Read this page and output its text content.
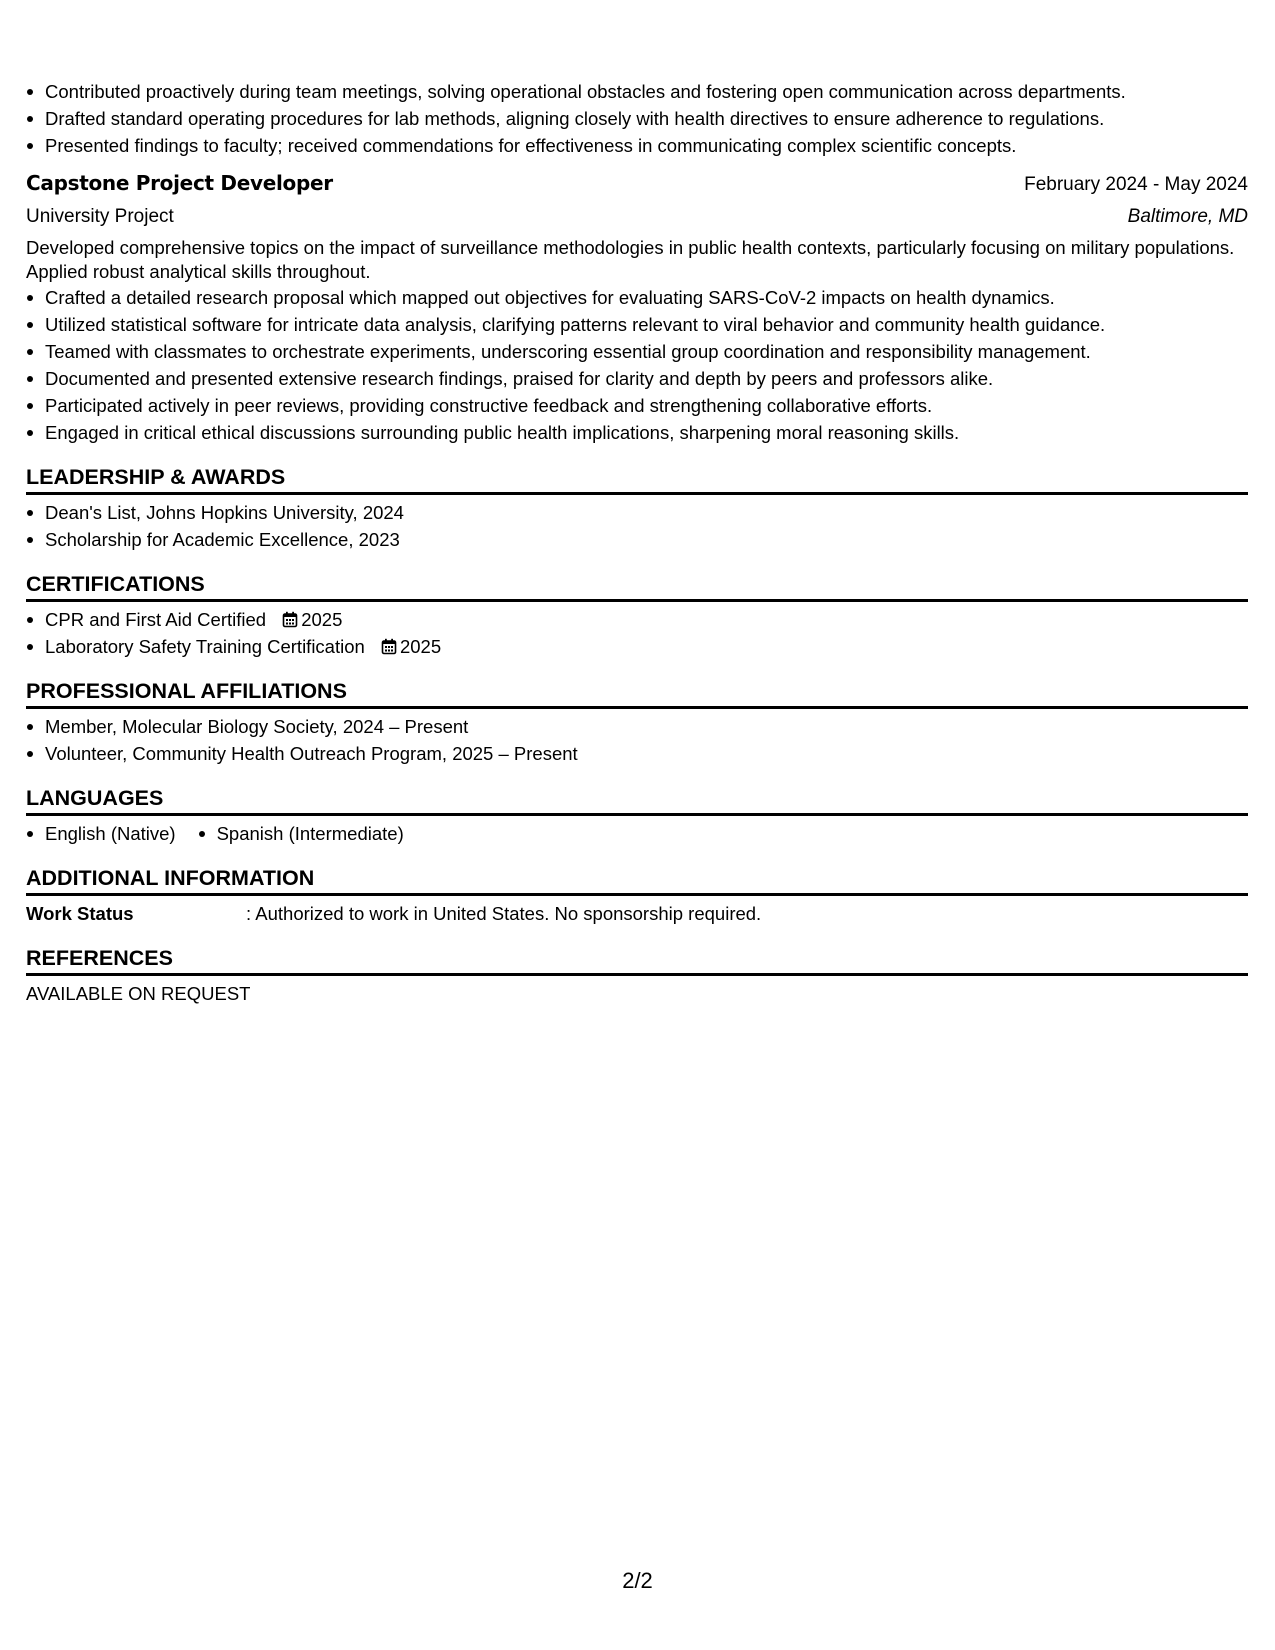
Contributed proactively during team meetings, solving operational obstacles and fostering open communication across departments.
Drafted standard operating procedures for lab methods, aligning closely with health directives to ensure adherence to regulations.
Presented findings to faculty; received commendations for effectiveness in communicating complex scientific concepts.
Capstone Project Developer	February 2024 - May 2024
University Project	Baltimore, MD
Developed comprehensive topics on the impact of surveillance methodologies in public health contexts, particularly focusing on military populations. Applied robust analytical skills throughout.
Crafted a detailed research proposal which mapped out objectives for evaluating SARS-CoV-2 impacts on health dynamics.
Utilized statistical software for intricate data analysis, clarifying patterns relevant to viral behavior and community health guidance.
Teamed with classmates to orchestrate experiments, underscoring essential group coordination and responsibility management.
Documented and presented extensive research findings, praised for clarity and depth by peers and professors alike.
Participated actively in peer reviews, providing constructive feedback and strengthening collaborative efforts.
Engaged in critical ethical discussions surrounding public health implications, sharpening moral reasoning skills.
LEADERSHIP & AWARDS
Dean's List, Johns Hopkins University, 2024
Scholarship for Academic Excellence, 2023
CERTIFICATIONS
CPR and First Aid Certified 2025
Laboratory Safety Training Certification 2025
PROFESSIONAL AFFILIATIONS
Member, Molecular Biology Society, 2024 – Present
Volunteer, Community Health Outreach Program, 2025 – Present
LANGUAGES
English (Native)	Spanish (Intermediate)
ADDITIONAL INFORMATION
Work Status	: Authorized to work in United States. No sponsorship required.
REFERENCES
AVAILABLE ON REQUEST
2/2
